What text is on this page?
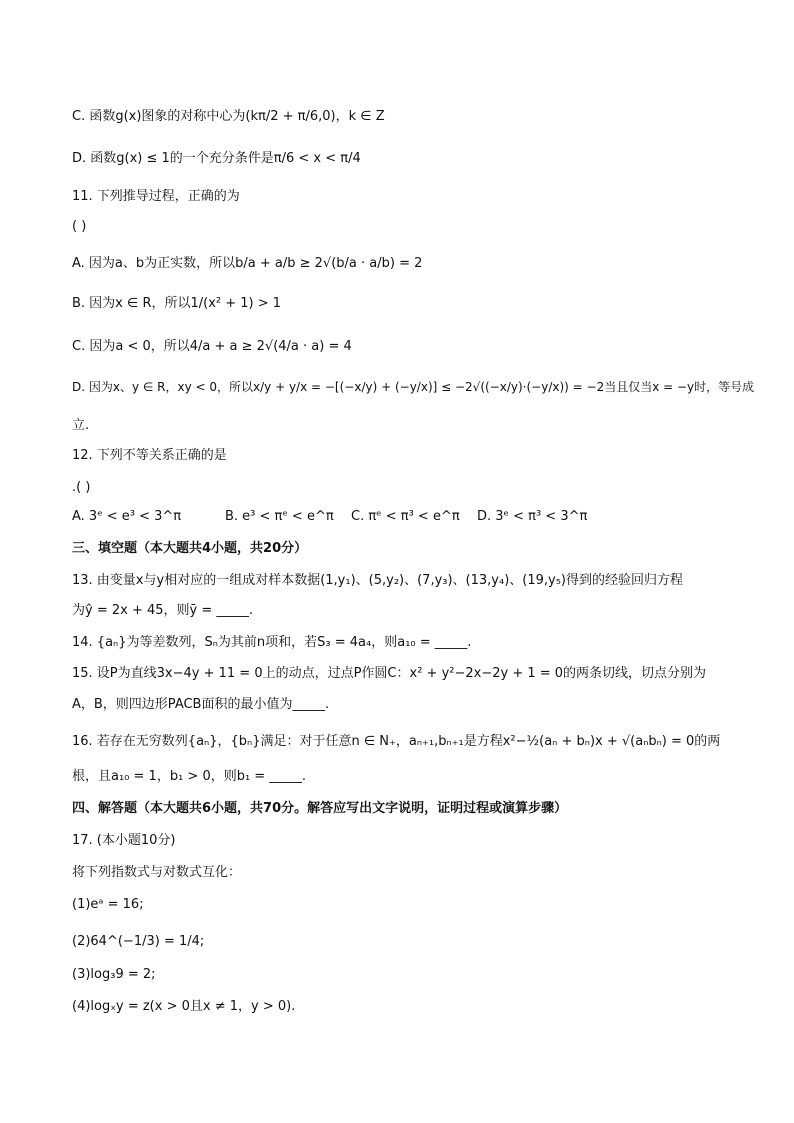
C. 函数g(x)图象的对称中心为(kπ/2 + π/6,0)，k ∈ Z
D. 函数g(x) ≤ 1的一个充分条件是π/6 < x < π/4
11. 下列推导过程，正确的为
( )
A. 因为a、b为正实数，所以b/a + a/b ≥ 2√(b/a · a/b) = 2
B. 因为x ∈ R，所以1/(x² + 1) > 1
C. 因为a < 0，所以4/a + a ≥ 2√(4/a · a) = 4
D. 因为x、y ∈ R，xy < 0，所以x/y + y/x = −[(−x/y) + (−y/x)] ≤ −2√((−x/y)·(−y/x)) = −2当且仅当x = −y时，等号成
立.
12. 下列不等关系正确的是
.( )
A. 3ᵉ < e³ < 3^π	B. e³ < πᵉ < e^π	C. πᵉ < π³ < e^π	D. 3ᵉ < π³ < 3^π
三、填空题（本大题共4小题，共20分）
13. 由变量x与y相对应的一组成对样本数据(1,y₁)、(5,y₂)、(7,y₃)、(13,y₄)、(19,y₅)得到的经验回归方程
为ŷ = 2x + 45，则ȳ = _____.
14. {aₙ}为等差数列，Sₙ为其前n项和，若S₃ = 4a₄，则a₁₀ = _____.
15. 设P为直线3x−4y + 11 = 0上的动点，过点P作圆C：x² + y²−2x−2y + 1 = 0的两条切线，切点分别为
A，B，则四边形PACB面积的最小值为_____.
16. 若存在无穷数列{aₙ}，{bₙ}满足：对于任意n ∈ N₊，aₙ₊₁,bₙ₊₁是方程x²−½(aₙ + bₙ)x + √(aₙbₙ) = 0的两
根，且a₁₀ = 1，b₁ > 0，则b₁ = _____.
四、解答题（本大题共6小题，共70分。解答应写出文字说明，证明过程或演算步骤）
17. (本小题10分)
将下列指数式与对数式互化：
(1)eᵃ = 16;
(2)64^(−1/3) = 1/4;
(3)log₃9 = 2;
(4)logₓy = z(x > 0且x ≠ 1，y > 0).
